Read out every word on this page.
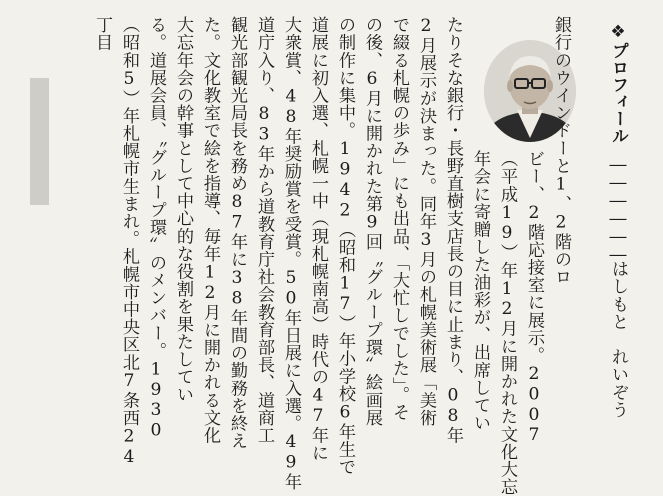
❖プロフィール
――――――
はしもと　れいぞう
銀行のウインドーと1、2階のロ
ビー、2階応接室に展示。2007
（平成19）年12月に開かれた文化大忘
年会に寄贈した油彩が、出席してい
たりそな銀行・長野直樹支店長の目に止まり、08年
2月展示が決まった。同年3月の札幌美術展「美術
で綴る札幌の歩み」にも出品、「大忙しでした」。そ
の後、6月に開かれた第9回〝グループ環〟絵画展
の制作に集中。1942（昭和17）年小学校6年生で
道展に初入選、札幌一中（現札幌南高）時代の47年に
大衆賞、48年奨励賞を受賞。50年日展に入選。49年
道庁入り、83年から道教育庁社会教育部長、道商工
観光部観光局長を務め87年に38年間の勤務を終え
た。文化教室で絵を指導、毎年12月に開かれる文化
大忘年会の幹事として中心的な役割を果たしてい
る。道展会員、〝グループ環〟のメンバー。1930
（昭和5）年札幌市生まれ。札幌市中央区北7条西24
丁目
